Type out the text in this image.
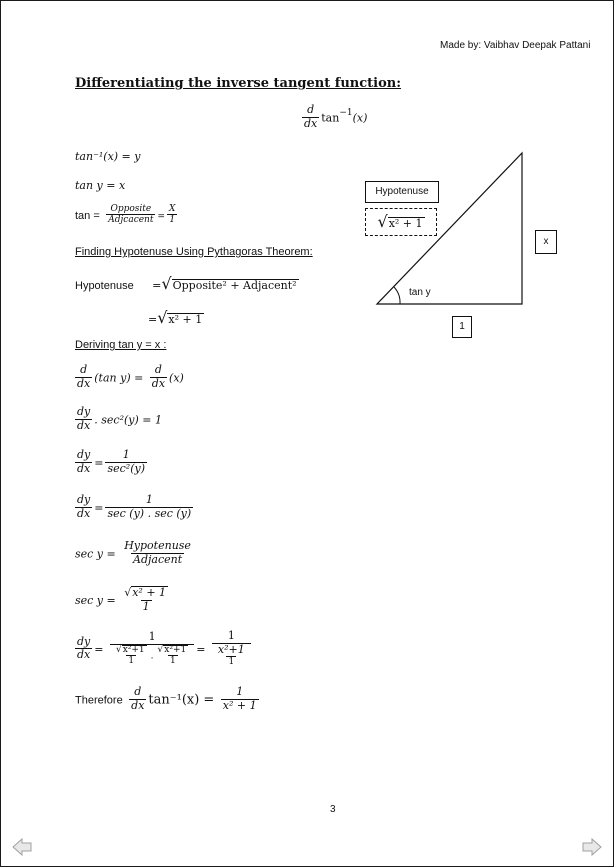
Made by: Vaibhav Deepak Pattani
Differentiating the inverse tangent function:
$\frac{d}{dx} \tan^{-1}(x)$
tan⁻¹(x) = y
tan y = x
$\tan = \frac{\text{Opposite}}{\text{Adjcacent}} = \frac{X}{1}$
Finding Hypotenuse Using Pythagoras Theorem:
Hypotenuse =√Opposite² + Adjacent²
=√x² + 1
Deriving tan y = x :
$\frac{d}{dx} (\tan$ $y) = \frac{d}{dx} (x)$
$\frac{dy}{dx}$ . sec²(y) = 1
$\frac{dy}{dx} = \frac{1}{\text{sec²(y)}}$
$\frac{dy}{dx} = \frac{1}{\sec (y) . \sec (y)}$
$\sec y = \frac{\text{Hypotenuse}}{\text{Adjacent}}$
$\sec y = \frac{\text{√x² + 1}}{1}$
$\frac{dy}{dx} = \frac{1}{\frac{\text{√x²+1}}{1} . \frac{\text{√x²+1}}{1}} = \frac{1}{\frac{\text{x²+1}}{1}}$
Therefore $\frac{d}{dx} \tan^{-1}(x) = \frac{1}{\text{x² + 1}}$
tan y
Hypotenuse
√x² + 1
x
1
3
